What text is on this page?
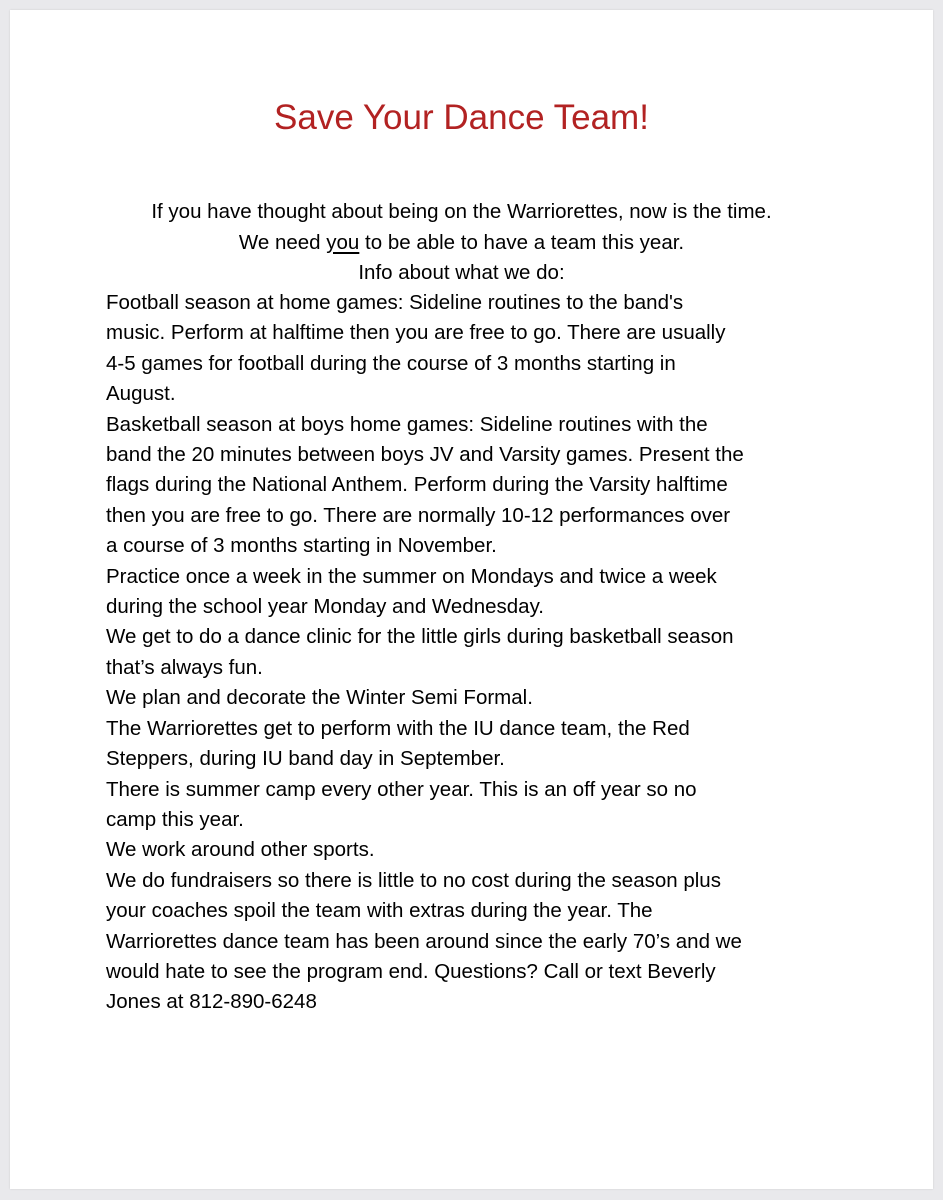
Save Your Dance Team!
If you have thought about being on the Warriorettes, now is the time.
We need you to be able to have a team this year.
Info about what we do:
Football season at home games: Sideline routines to the band's
music. Perform at halftime then you are free to go. There are usually
4-5 games for football during the course of 3 months starting in
August.
Basketball season at boys home games: Sideline routines with the
band the 20 minutes between boys JV and Varsity games. Present the
flags during the National Anthem. Perform during the Varsity halftime
then you are free to go. There are normally 10-12 performances over
a course of 3 months starting in November.
Practice once a week in the summer on Mondays and twice a week
during the school year Monday and Wednesday.
We get to do a dance clinic for the little girls during basketball season
that’s always fun.
We plan and decorate the Winter Semi Formal.
The Warriorettes get to perform with the IU dance team, the Red
Steppers, during IU band day in September.
There is summer camp every other year. This is an off year so no
camp this year.
We work around other sports.
We do fundraisers so there is little to no cost during the season plus
your coaches spoil the team with extras during the year. The
Warriorettes dance team has been around since the early 70’s and we
would hate to see the program end. Questions? Call or text Beverly
Jones at 812-890-6248
